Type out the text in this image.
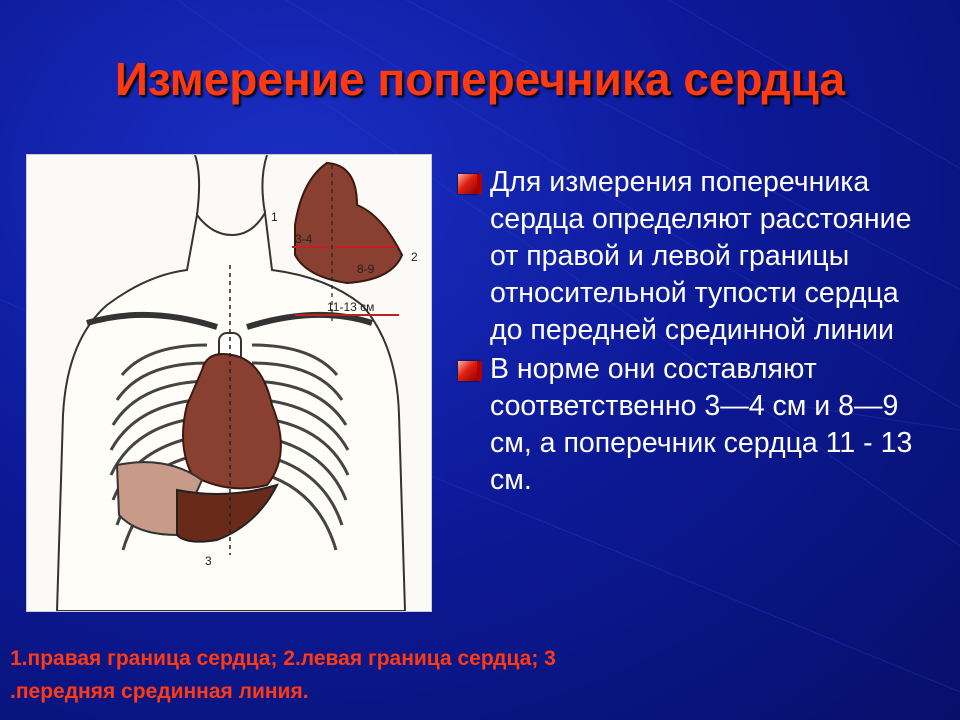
Измерение поперечника сердца
3
1
2
3-4
8-9
11-13 см
Для измерения поперечника сердца определяют расстояние от правой и левой границы относительной тупости сердца до передней срединной линии
В норме они составляют соответственно 3—4 см и 8—9 см, а поперечник сердца 11 - 13 см.
1.правая граница сердца; 2.левая граница сердца; 3 .передняя срединная линия.
